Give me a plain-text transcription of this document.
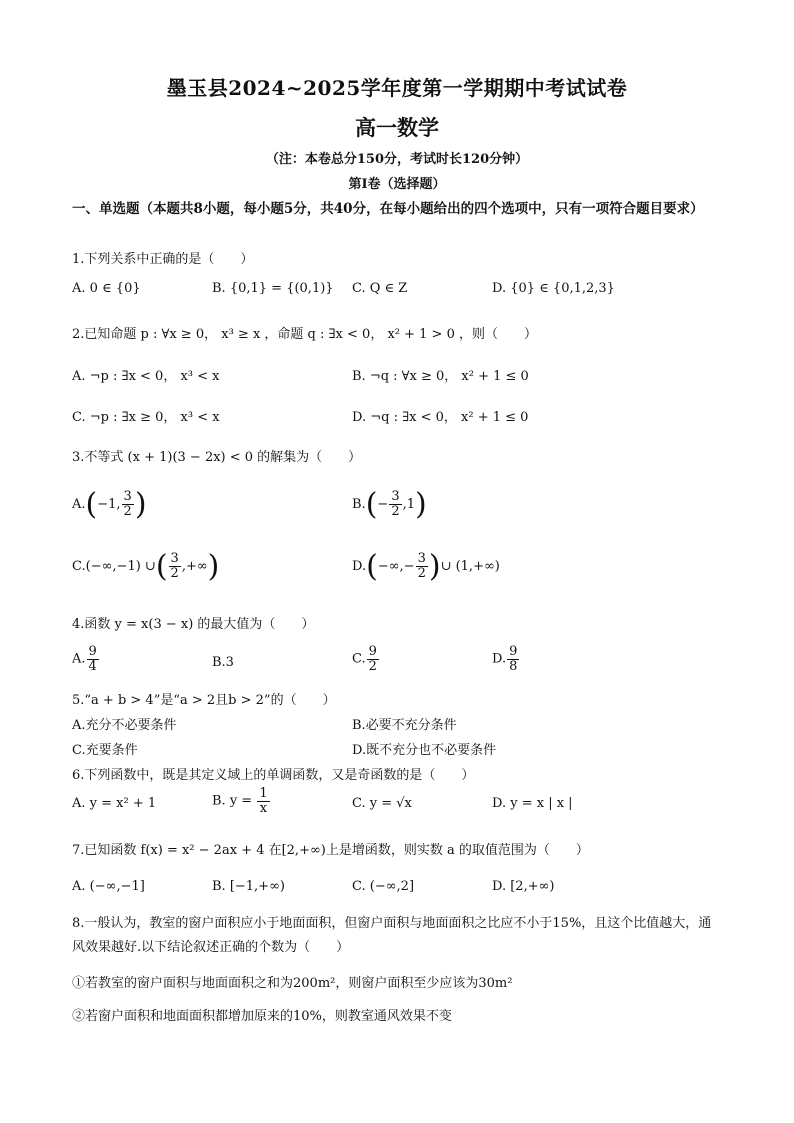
墨玉县2024~2025学年度第一学期期中考试试卷
高一数学
（注：本卷总分150分，考试时长120分钟）
第Ⅰ卷（选择题）
一、单选题（本题共8小题，每小题5分，共40分，在每小题给出的四个选项中，只有一项符合题目要求）
1.下列关系中正确的是（　　）
A. 0 ∈ {0}	B. {0,1} = {(0,1)} C. Q ∈ Z	D. {0} ∈ {0,1,2,3}
2.已知命题 p : ∀x ≥ 0， x³ ≥ x ，命题 q : ∃x < 0， x² + 1 > 0 ，则（　　）
A. ¬p : ∃x < 0， x³ < x	B. ¬q : ∀x ≥ 0， x² + 1 ≤ 0
C. ¬p : ∃x ≥ 0， x³ < x	D. ¬q : ∃x < 0， x² + 1 ≤ 0
3.不等式 (x + 1)(3 − 2x) < 0 的解集为（　　）
A.(−1, $\frac{3}{2}$ )	$B.(- \frac{3}{2} ,1)$
C.(−∞,−1) ∪( $\frac{3}{2}$ ,+∞)	$D.(-\infty,- \frac{3}{2}$ )∪ (1,+∞)
4.函数 y = x(3 − x) 的最大值为（　　）
A. $\frac{9}{4}$	B.3	C. $\frac{9}{2}$	D. $\frac{9}{8}$
5.“a + b > 4”是“a > 2且b > 2”的（　　）
A.充分不必要条件	B.必要不充分条件
C.充要条件	D.既不充分也不必要条件
6.下列函数中，既是其定义域上的单调函数，又是奇函数的是（　　）
A. y = x² + 1	B. $y = \frac{1}{x}$	C. y = √x	D. y = x | x |
7.已知函数 f(x) = x² − 2ax + 4 在[2,+∞)上是增函数，则实数 a 的取值范围为（　　）
A. (−∞,−1]	B. [−1,+∞)	C. (−∞,2]	D. [2,+∞)
8.一般认为，教室的窗户面积应小于地面面积，但窗户面积与地面面积之比应不小于15%，且这个比值越大，通风效果越好.以下结论叙述正确的个数为（　　）
①若教室的窗户面积与地面面积之和为200m²，则窗户面积至少应该为30m²
②若窗户面积和地面面积都增加原来的10%，则教室通风效果不变
